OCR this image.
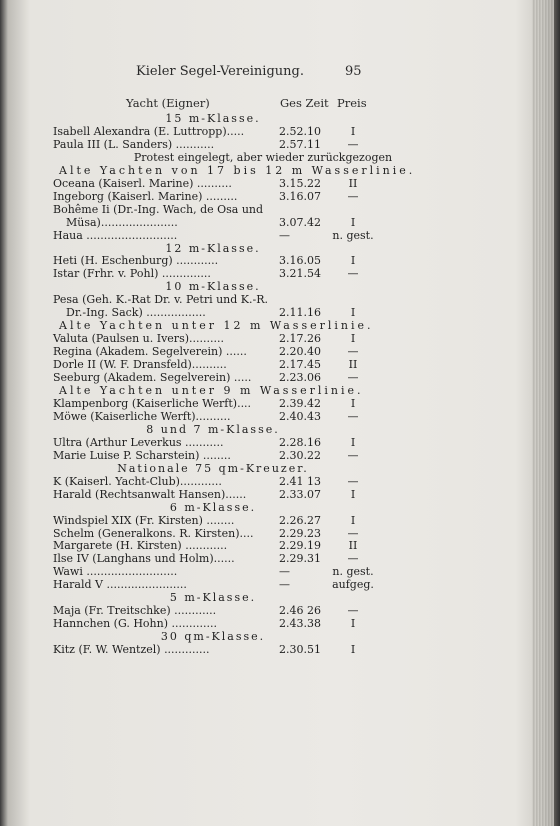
Kieler Segel-Vereinigung.	95
Yacht (Eigner)	Ges Zeit Preis
15 m-Klasse.
Isabell Alexandra (E. Luttropp).....	2.52.10	I
Paula III (L. Sanders) ...........	2.57.11	—
Protest eingelegt, aber wieder zurückgezogen
Alte Yachten von 17 bis 12 m Wasserlinie.
Oceana (Kaiserl. Marine) ..........	3.15.22	II
Ingeborg (Kaiserl. Marine) .........	3.16.07	—
Bohême Ii (Dr.-Ing. Wach, de Osa und
Müsa)......................	3.07.42	I
Haua ..........................	—	n. gest.
12 m-Klasse.
Heti (H. Eschenburg) ............	3.16.05	I
Istar (Frhr. v. Pohl) ..............	3.21.54	—
10 m-Klasse.
Pesa (Geh. K.-Rat Dr. v. Petri und K.-R.
Dr.-Ing. Sack) .................	2.11.16	I
Alte Yachten unter 12 m Wasserlinie.
Valuta (Paulsen u. Ivers)..........	2.17.26	I
Regina (Akadem. Segelverein) ......	2.20.40	—
Dorle II (W. F. Dransfeld)..........	2.17.45	II
Seeburg (Akadem. Segelverein) .....	2.23.06	—
Alte Yachten unter 9 m Wasserlinie.
Klampenborg (Kaiserliche Werft)....	2.39.42	I
Möwe (Kaiserliche Werft)..........	2.40.43	—
8 und 7 m-Klasse.
Ultra (Arthur Leverkus ...........	2.28.16	I
Marie Luise P. Scharstein) ........	2.30.22	—
Nationale 75 qm-Kreuzer.
K (Kaiserl. Yacht-Club)............	2.41 13	—
Harald (Rechtsanwalt Hansen)......	2.33.07	I
6 m-Klasse.
Windspiel XIX (Fr. Kirsten) ........	2.26.27	I
Schelm (Generalkons. R. Kirsten).... 2.29.23	—
Margarete (H. Kirsten) ............	2.29.19	II
Ilse IV (Langhans und Holm)......	2.29.31	—
Wawi ..........................	—	n. gest.
Harald V .......................	—	aufgeg.
5 m-Klasse.
Maja (Fr. Treitschke) ............	2.46 26	—
Hannchen (G. Hohn) .............	2.43.38	I
30 qm-Klasse.
Kitz (F. W. Wentzel) .............	2.30.51	I
